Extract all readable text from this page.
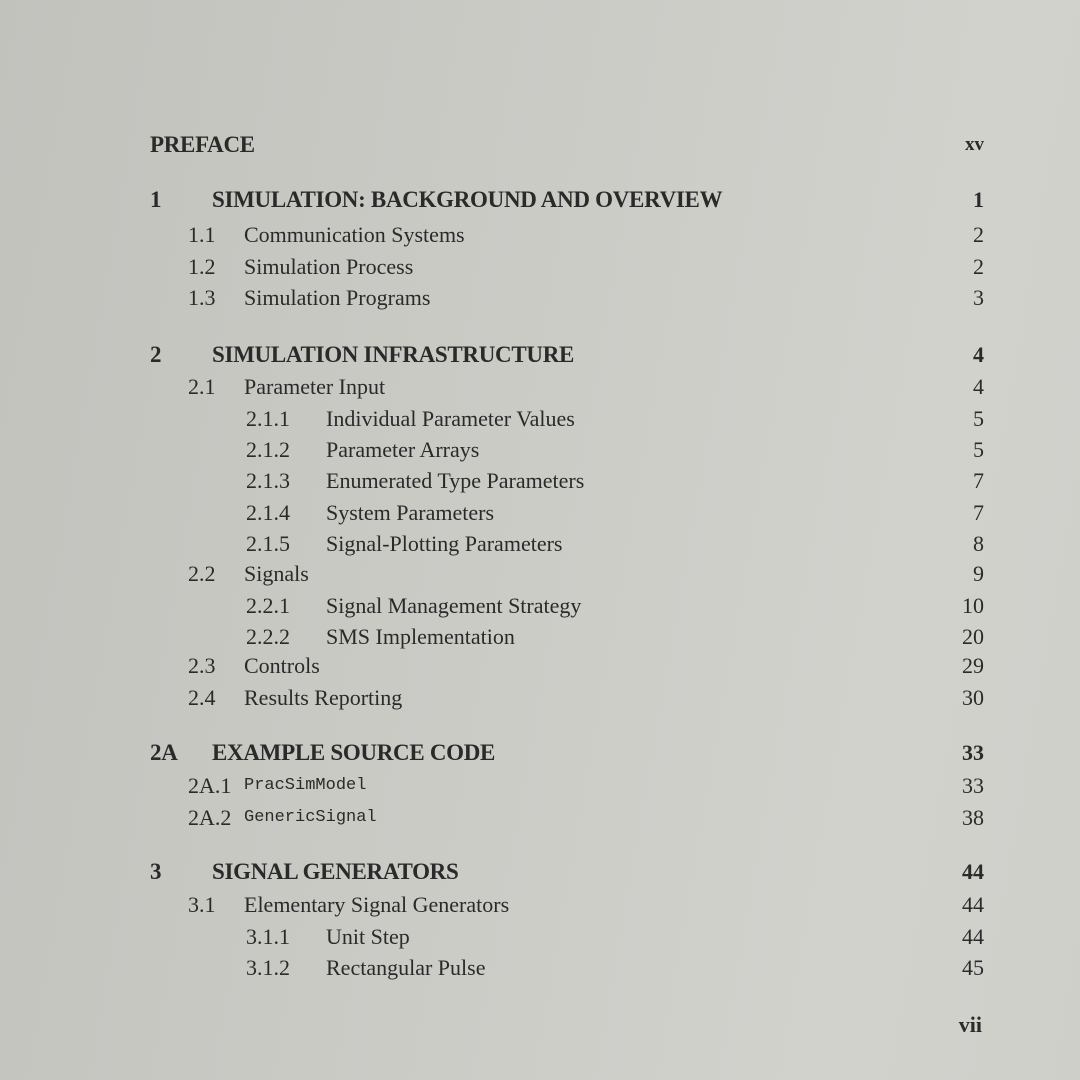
PREFACE	xv
1 SIMULATION: BACKGROUND AND OVERVIEW	1
1.1 Communication Systems	2
1.2 Simulation Process	2
1.3 Simulation Programs	3
2 SIMULATION INFRASTRUCTURE	4
2.1 Parameter Input	4
2.1.1 Individual Parameter Values	5
2.1.2 Parameter Arrays	5
2.1.3 Enumerated Type Parameters	7
2.1.4 System Parameters	7
2.1.5 Signal-Plotting Parameters	8
2.2 Signals	9
2.2.1 Signal Management Strategy	10
2.2.2 SMS Implementation	20
2.3 Controls	29
2.4 Results Reporting	30
2A EXAMPLE SOURCE CODE	33
2A.1 PracSimModel	33
2A.2 GenericSignal	38
3 SIGNAL GENERATORS	44
3.1 Elementary Signal Generators	44
3.1.1 Unit Step	44
3.1.2 Rectangular Pulse	45
vii
